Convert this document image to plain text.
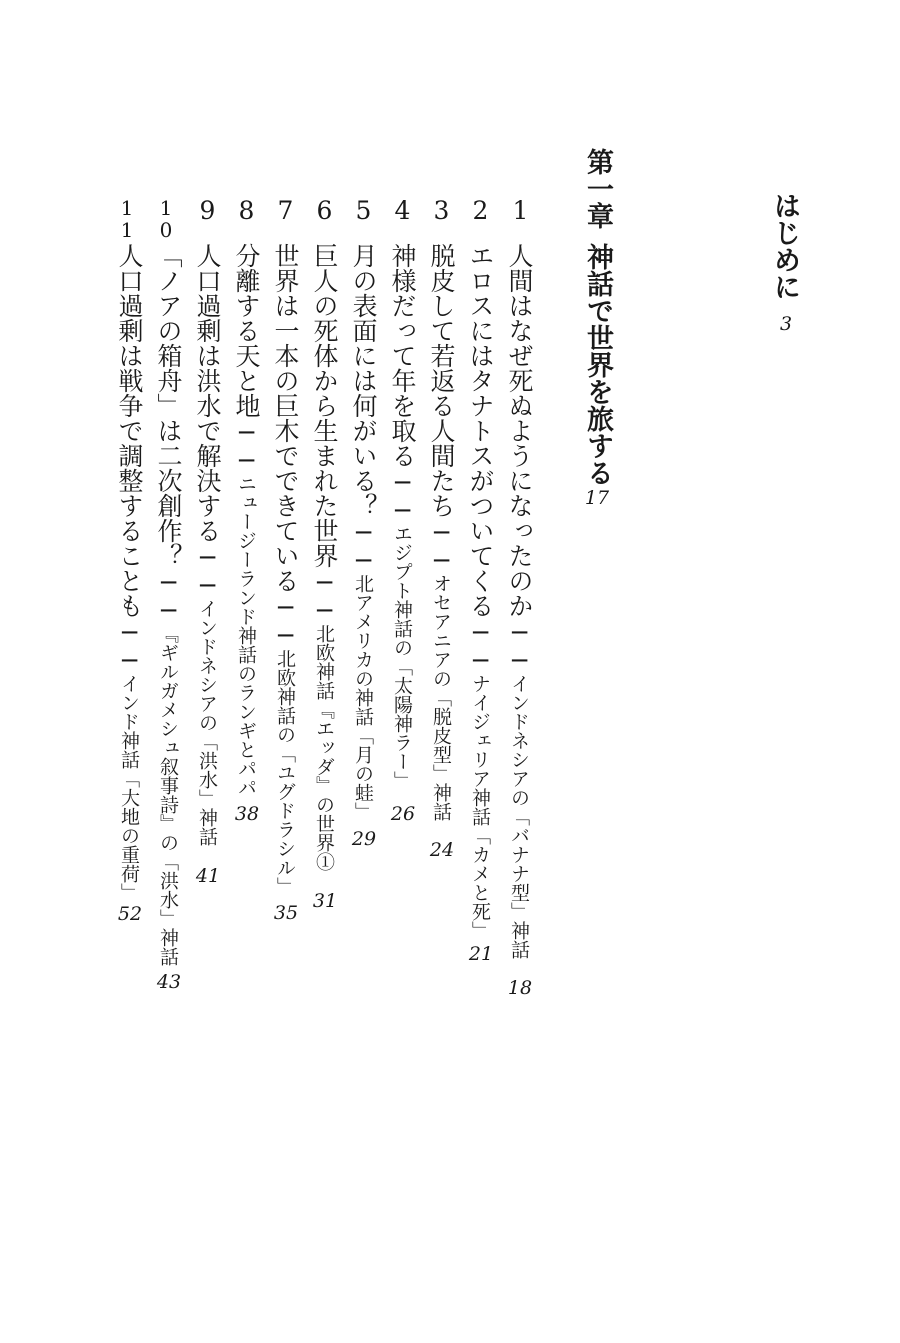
はじめに
3
第一章
神話で世界を旅する
17
1
人間はなぜ死ぬようになったのか──インドネシアの「バナナ型」神話
18
2
エロスにはタナトスがついてくる──ナイジェリア神話「カメと死」
21
3
脱皮して若返る人間たち──オセアニアの「脱皮型」神話
24
4
神様だって年を取る──エジプト神話の「太陽神ラー」
26
5
月の表面には何がいる？──北アメリカの神話「月の蛙」
29
6
巨人の死体から生まれた世界──北欧神話『エッダ』の世界①
31
7
世界は一本の巨木でできている──北欧神話の「ユグドラシル」
35
8
分離する天と地──ニュージーランド神話のランギとパパ
38
9
人口過剰は洪水で解決する──インドネシアの「洪水」神話
41
10
「ノアの箱舟」は二次創作？──『ギルガメシュ叙事詩』の「洪水」神話
43
11
人口過剰は戦争で調整することも──インド神話「大地の重荷」
52
